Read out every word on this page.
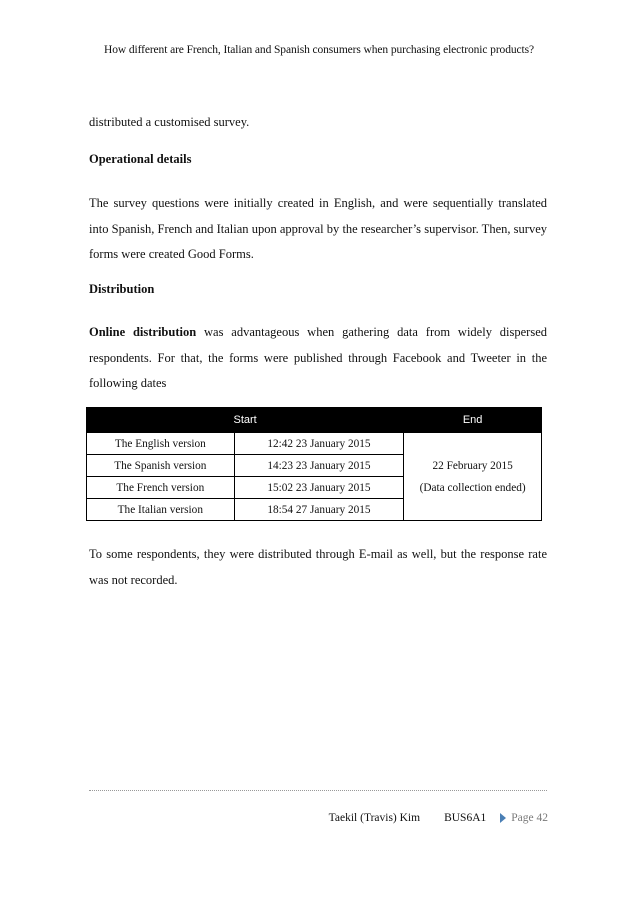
How different are French, Italian and Spanish consumers when purchasing electronic products?
distributed a customised survey.
Operational details
The survey questions were initially created in English, and were sequentially translated into Spanish, French and Italian upon approval by the researcher’s supervisor. Then, survey forms were created Good Forms.
Distribution
Online distribution was advantageous when gathering data from widely dispersed respondents. For that, the forms were published through Facebook and Tweeter in the following dates
Start		End
The English version	12:42 23 January 2015	22 February 2015
(Data collection ended)

The Spanish version	14:23 23 January 2015	
The French version	15:02 23 January 2015	
The Italian version	18:54 27 January 2015	
To some respondents, they were distributed through E-mail as well, but the response rate was not recorded.
Taekil (Travis) Kim BUS6A1 Page 42
